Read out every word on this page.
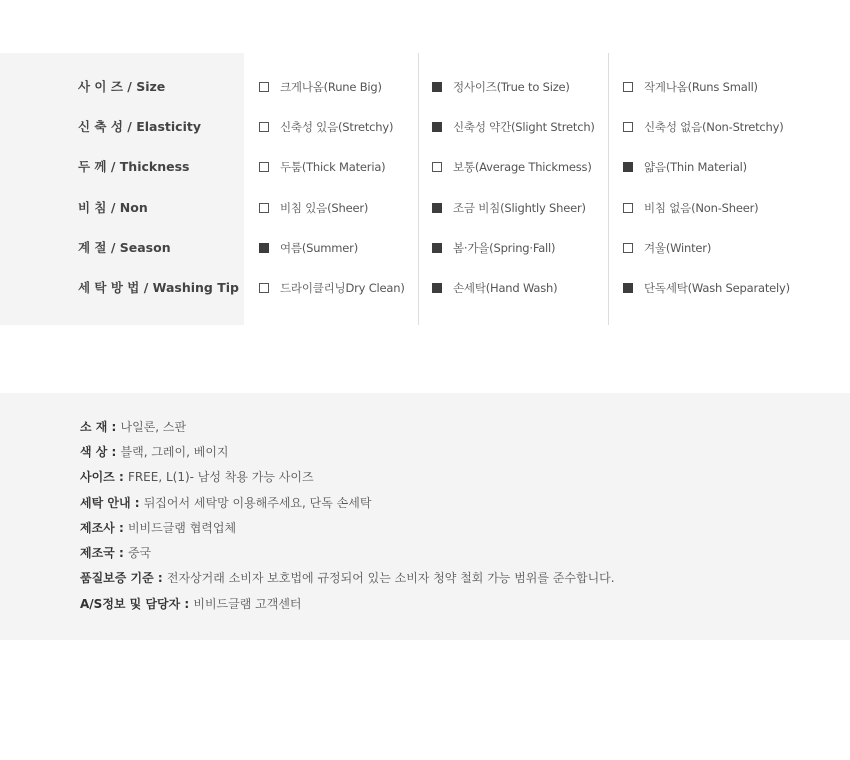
사 이 즈 / Size	크게나옴(Rune Big)	정사이즈(True to Size)	작게나옴(Runs Small)
신 축 성 / Elasticity	신축성 있음(Stretchy)	신축성 약간(Slight Stretch)	신축성 없음(Non-Stretchy)
두 께 / Thickness	두툼(Thick Materia)	보통(Average Thickmess)	얇음(Thin Material)
비 침 / Non	비침 있음(Sheer)	조금 비침(Slightly Sheer)	비침 없음(Non-Sheer)
계 절 / Season	여름(Summer)	봄·가을(Spring·Fall)	겨울(Winter)
세 탁 방 법 / Washing Tip	드라이클리닝Dry Clean)	손세탁(Hand Wash)	단독세탁(Wash Separately)
소 재 : 나일론, 스판
색 상 : 블랙, 그레이, 베이지
사이즈 : FREE, L(1)- 남성 착용 가능 사이즈
세탁 안내 : 뒤집어서 세탁망 이용해주세요, 단독 손세탁
제조사 : 비비드글램 협력업체
제조국 : 중국
품질보증 기준 : 전자상거래 소비자 보호법에 규정되어 있는 소비자 청약 철회 가능 범위를 준수합니다.
A/S정보 및 담당자 : 비비드글램 고객센터
